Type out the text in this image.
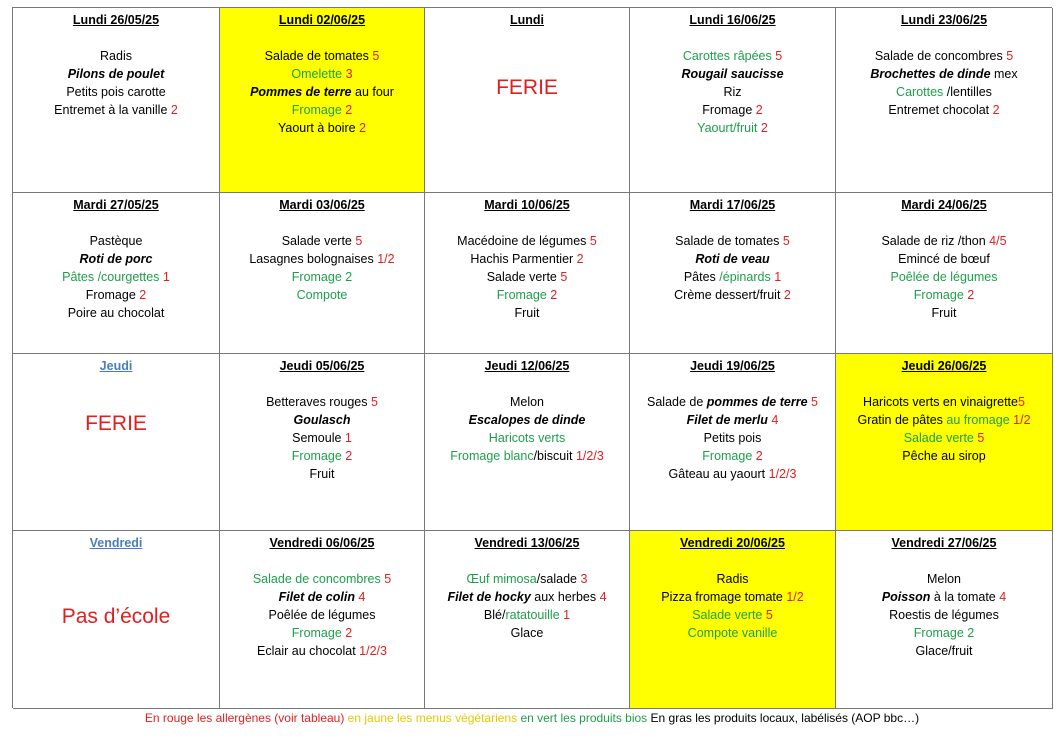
Lundi 26/05/25
Radis
Pilons de poulet
Petits pois carotte
Entremet à la vanille 2
Lundi 02/06/25
Salade de tomates 5
Omelette 3
Pommes de terre au four
Fromage 2
Yaourt à boire 2
Lundi
FERIE
Lundi 16/06/25
Carottes râpées 5
Rougail saucisse
Riz
Fromage 2
Yaourt/fruit 2
Lundi 23/06/25
Salade de concombres 5
Brochettes de dinde mex
Carottes /lentilles
Entremet chocolat 2
Mardi 27/05/25
Pastèque
Roti de porc
Pâtes /courgettes 1
Fromage 2
Poire au chocolat
Mardi 03/06/25
Salade verte 5
Lasagnes bolognaises 1/2
Fromage 2
Compote
Mardi 10/06/25
Macédoine de légumes 5
Hachis Parmentier 2
Salade verte 5
Fromage 2
Fruit
Mardi 17/06/25
Salade de tomates 5
Roti de veau
Pâtes /épinards 1
Crème dessert/fruit 2
Mardi 24/06/25
Salade de riz /thon 4/5
Emincé de bœuf
Poêlée de légumes
Fromage 2
Fruit
Jeudi
FERIE
Jeudi 05/06/25
Betteraves rouges 5
Goulasch
Semoule 1
Fromage 2
Fruit
Jeudi 12/06/25
Melon
Escalopes de dinde
Haricots verts
Fromage blanc/biscuit 1/2/3
Jeudi 19/06/25
Salade de pommes de terre 5
Filet de merlu 4
Petits pois
Fromage 2
Gâteau au yaourt 1/2/3
Jeudi 26/06/25
Haricots verts en vinaigrette5
Gratin de pâtes au fromage 1/2
Salade verte 5
Pêche au sirop
Vendredi
Pas d’école
Vendredi 06/06/25
Salade de concombres 5
Filet de colin 4
Poêlée de légumes
Fromage 2
Eclair au chocolat 1/2/3
Vendredi 13/06/25
Œuf mimosa/salade 3
Filet de hocky aux herbes 4
Blé/ratatouille 1
Glace
Vendredi 20/06/25
Radis
Pizza fromage tomate 1/2
Salade verte 5
Compote vanille
Vendredi 27/06/25
Melon
Poisson à la tomate 4
Roestis de légumes
Fromage 2
Glace/fruit
En rouge les allergènes (voir tableau) en jaune les menus végétariens en vert les produits bios En gras les produits locaux, labélisés (AOP bbc…)
